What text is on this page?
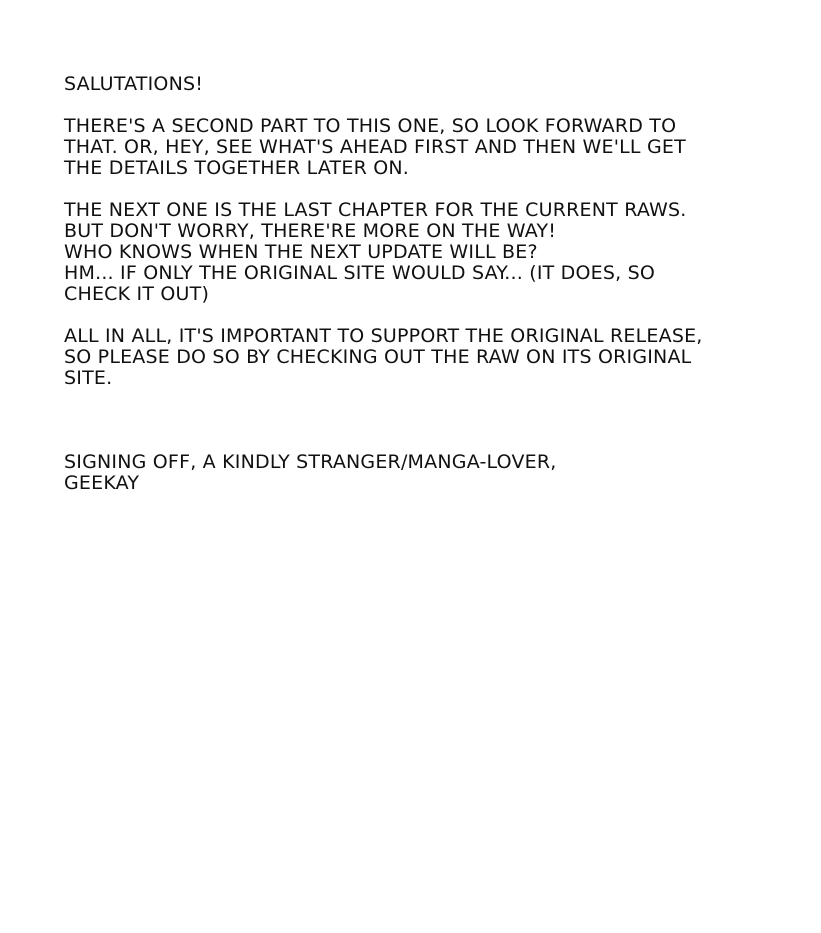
SALUTATIONS!

THERE'S A SECOND PART TO THIS ONE, SO LOOK FORWARD TO
THAT. OR, HEY, SEE WHAT'S AHEAD FIRST AND THEN WE'LL GET
THE DETAILS TOGETHER LATER ON.

THE NEXT ONE IS THE LAST CHAPTER FOR THE CURRENT RAWS.
BUT DON'T WORRY, THERE'RE MORE ON THE WAY!
WHO KNOWS WHEN THE NEXT UPDATE WILL BE?
HM... IF ONLY THE ORIGINAL SITE WOULD SAY... (IT DOES, SO
CHECK IT OUT)

ALL IN ALL, IT'S IMPORTANT TO SUPPORT THE ORIGINAL RELEASE,
SO PLEASE DO SO BY CHECKING OUT THE RAW ON ITS ORIGINAL
SITE.

SIGNING OFF, A KINDLY STRANGER/MANGA-LOVER,
GEEKAY
